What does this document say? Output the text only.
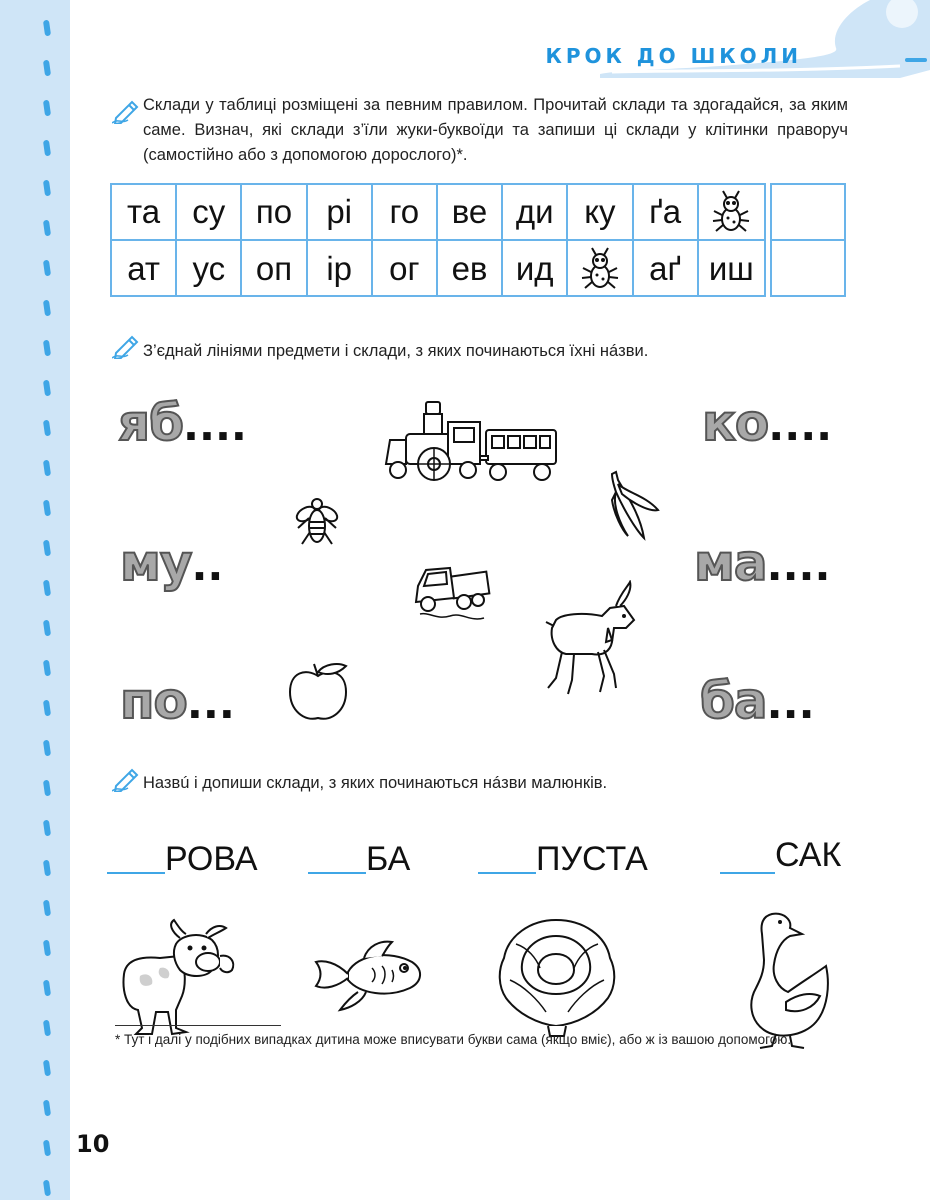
КРОК ДО ШКОЛИ
Склади у таблиці розміщені за певним правилом. Прочитай склади та здогадайся, за яким саме. Визнач, які склади з’їли жуки-буквоїди та запиши ці склади у клітинки праворуч (самостійно або з допомогою дорослого)*.
та су по	рі	го ве ди ку	ґа
ат ус оп	ір	ог ев ид	аґ иш
З’єднай лініями предмети і склади, з яких починаються їхні нáзви.
яб....
му..
по...
ко....
ма....
ба...
Назвú і допиши склади, з яких починаються нáзви малюнків.
РОВА	БА	ПУСТА	САК
* Тут і далі у подібних випадках дитина може вписувати букви сама (якщо вміє), або ж із вашою допомогою.
10
